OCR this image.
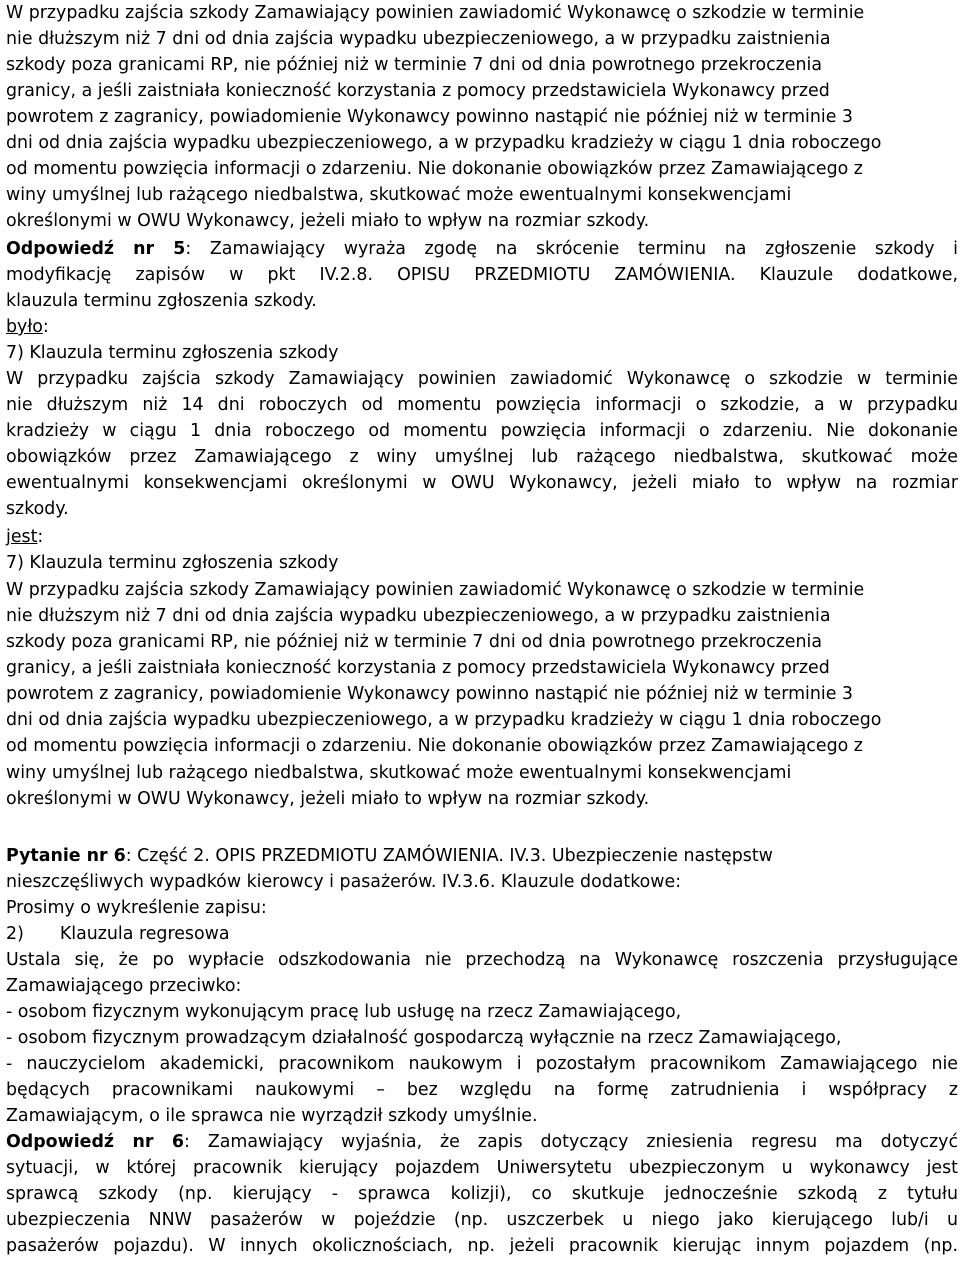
W przypadku zajścia szkody Zamawiający powinien zawiadomić Wykonawcę o szkodzie w terminie
nie dłuższym niż 7 dni od dnia zajścia wypadku ubezpieczeniowego, a w przypadku zaistnienia
szkody poza granicami RP, nie później niż w terminie 7 dni od dnia powrotnego przekroczenia
granicy, a jeśli zaistniała konieczność korzystania z pomocy przedstawiciela Wykonawcy przed
powrotem z zagranicy, powiadomienie Wykonawcy powinno nastąpić nie później niż w terminie 3
dni od dnia zajścia wypadku ubezpieczeniowego, a w przypadku kradzieży w ciągu 1 dnia roboczego
od momentu powzięcia informacji o zdarzeniu. Nie dokonanie obowiązków przez Zamawiającego z
winy umyślnej lub rażącego niedbalstwa, skutkować może ewentualnymi konsekwencjami
określonymi w OWU Wykonawcy, jeżeli miało to wpływ na rozmiar szkody.
Odpowiedź nr 5: Zamawiający wyraża zgodę na skrócenie terminu na zgłoszenie szkody i
modyfikację zapisów w pkt IV.2.8. OPISU PRZEDMIOTU ZAMÓWIENIA. Klauzule dodatkowe,
klauzula terminu zgłoszenia szkody.
było:
7) Klauzula terminu zgłoszenia szkody
W przypadku zajścia szkody Zamawiający powinien zawiadomić Wykonawcę o szkodzie w terminie
nie dłuższym niż 14 dni roboczych od momentu powzięcia informacji o szkodzie, a w przypadku
kradzieży w ciągu 1 dnia roboczego od momentu powzięcia informacji o zdarzeniu. Nie dokonanie
obowiązków przez Zamawiającego z winy umyślnej lub rażącego niedbalstwa, skutkować może
ewentualnymi konsekwencjami określonymi w OWU Wykonawcy, jeżeli miało to wpływ na rozmiar
szkody.
jest:
7) Klauzula terminu zgłoszenia szkody
W przypadku zajścia szkody Zamawiający powinien zawiadomić Wykonawcę o szkodzie w terminie
nie dłuższym niż 7 dni od dnia zajścia wypadku ubezpieczeniowego, a w przypadku zaistnienia
szkody poza granicami RP, nie później niż w terminie 7 dni od dnia powrotnego przekroczenia
granicy, a jeśli zaistniała konieczność korzystania z pomocy przedstawiciela Wykonawcy przed
powrotem z zagranicy, powiadomienie Wykonawcy powinno nastąpić nie później niż w terminie 3
dni od dnia zajścia wypadku ubezpieczeniowego, a w przypadku kradzieży w ciągu 1 dnia roboczego
od momentu powzięcia informacji o zdarzeniu. Nie dokonanie obowiązków przez Zamawiającego z
winy umyślnej lub rażącego niedbalstwa, skutkować może ewentualnymi konsekwencjami
określonymi w OWU Wykonawcy, jeżeli miało to wpływ na rozmiar szkody.
Pytanie nr 6: Część 2. OPIS PRZEDMIOTU ZAMÓWIENIA. IV.3. Ubezpieczenie następstw
nieszczęśliwych wypadków kierowcy i pasażerów. IV.3.6. Klauzule dodatkowe:
Prosimy o wykreślenie zapisu:
2) Klauzula regresowa
Ustala się, że po wypłacie odszkodowania nie przechodzą na Wykonawcę roszczenia przysługujące
Zamawiającego przeciwko:
- osobom fizycznym wykonującym pracę lub usługę na rzecz Zamawiającego,
- osobom fizycznym prowadzącym działalność gospodarczą wyłącznie na rzecz Zamawiającego,
- nauczycielom akademicki, pracownikom naukowym i pozostałym pracownikom Zamawiającego nie
będących pracownikami naukowymi – bez względu na formę zatrudnienia i współpracy z
Zamawiającym, o ile sprawca nie wyrządził szkody umyślnie.
Odpowiedź nr 6: Zamawiający wyjaśnia, że zapis dotyczący zniesienia regresu ma dotyczyć
sytuacji, w której pracownik kierujący pojazdem Uniwersytetu ubezpieczonym u wykonawcy jest
sprawcą szkody (np. kierujący - sprawca kolizji), co skutkuje jednocześnie szkodą z tytułu
ubezpieczenia NNW pasażerów w pojeździe (np. uszczerbek u niego jako kierującego lub/i u
pasażerów pojazdu). W innych okolicznościach, np. jeżeli pracownik kierując innym pojazdem (np.
